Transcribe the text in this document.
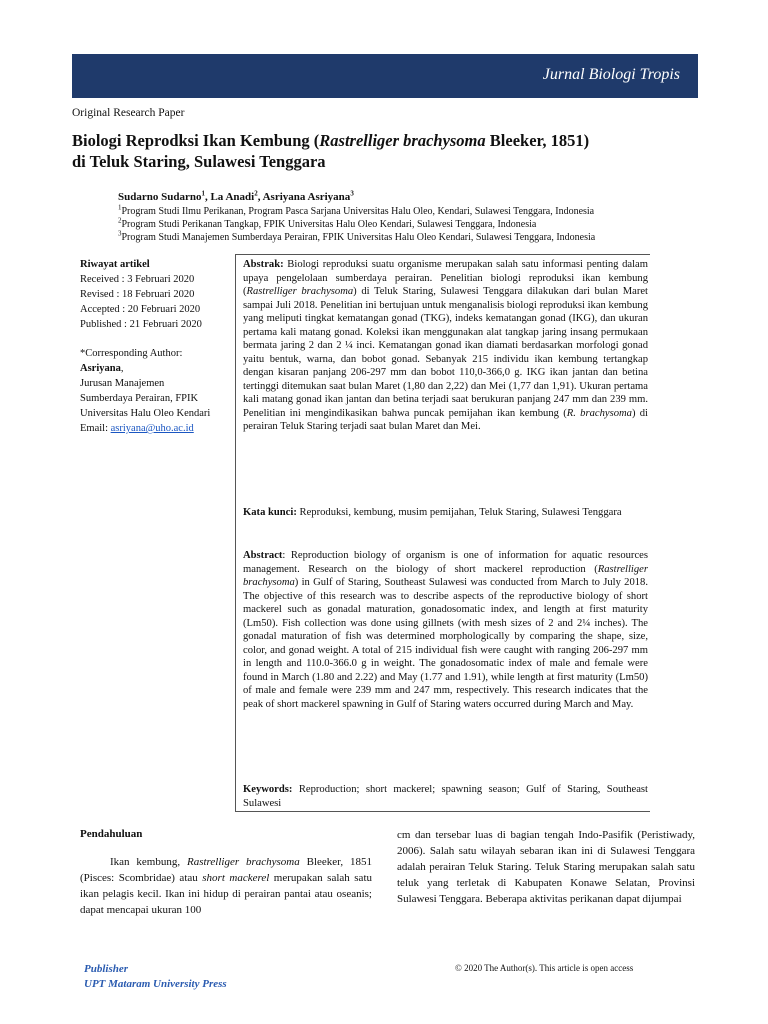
Jurnal Biologi Tropis
Original Research Paper
Biologi Reprodksi Ikan Kembung (Rastrelliger brachysoma Bleeker, 1851)
di Teluk Staring, Sulawesi Tenggara
Sudarno Sudarno$^1$, La Anadi$^2$, Asriyana Asriyana$^3$
$^1$Program Studi Ilmu Perikanan, Program Pasca Sarjana Universitas Halu Oleo, Kendari, Sulawesi Tenggara, Indonesia
$^2$Program Studi Perikanan Tangkap, FPIK Universitas Halu Oleo Kendari, Sulawesi Tenggara, Indonesia
$^3$Program Studi Manajemen Sumberdaya Perairan, FPIK Universitas Halu Oleo Kendari, Sulawesi Tenggara, Indonesia
Riwayat artikel
Received : 3 Februari 2020
Revised : 18 Februari 2020
Accepted : 20 Februari 2020
Published : 21 Februari 2020
*Corresponding Author:
Asriyana,
Jurusan Manajemen
Sumberdaya Perairan, FPIK
Universitas Halu Oleo Kendari
Email: asriyana@uho.ac.id
Abstrak: Biologi reproduksi suatu organisme merupakan salah satu informasi penting dalam upaya pengelolaan sumberdaya perairan. Penelitian biologi reproduksi ikan kembung (Rastrelliger brachysoma) di Teluk Staring, Sulawesi Tenggara dilakukan dari bulan Maret sampai Juli 2018. Penelitian ini bertujuan untuk menganalisis biologi reproduksi ikan kembung yang meliputi tingkat kematangan gonad (TKG), indeks kematangan gonad (IKG), dan ukuran pertama kali matang gonad. Koleksi ikan menggunakan alat tangkap jaring insang permukaan bermata jaring 2 dan 2 ¼ inci. Kematangan gonad ikan diamati berdasarkan morfologi gonad yaitu bentuk, warna, dan bobot gonad. Sebanyak 215 individu ikan kembung tertangkap dengan kisaran panjang 206-297 mm dan bobot 110,0-366,0 g. IKG ikan jantan dan betina tertinggi ditemukan saat bulan Maret (1,80 dan 2,22) dan Mei (1,77 dan 1,91). Ukuran pertama kali matang gonad ikan jantan dan betina terjadi saat berukuran panjang 247 mm dan 239 mm. Penelitian ini mengindikasikan bahwa puncak pemijahan ikan kembung (R. brachysoma) di perairan Teluk Staring terjadi saat bulan Maret dan Mei.
Kata kunci: Reproduksi, kembung, musim pemijahan, Teluk Staring, Sulawesi Tenggara
Abstract: Reproduction biology of organism is one of information for aquatic resources management. Research on the biology of short mackerel reproduction (Rastrelliger brachysoma) in Gulf of Staring, Southeast Sulawesi was conducted from March to July 2018. The objective of this research was to describe aspects of the reproductive biology of short mackerel such as gonadal maturation, gonadosomatic index, and length at first maturity (Lm50). Fish collection was done using gillnets (with mesh sizes of 2 and 2¼ inches). The gonadal maturation of fish was determined morphologically by comparing the shape, size, color, and gonad weight. A total of 215 individual fish were caught with ranging 206-297 mm in length and 110.0-366.0 g in weight. The gonadosomatic index of male and female were found in March (1.80 and 2.22) and May (1.77 and 1.91), while length at first maturity (Lm50) of male and female were 239 mm and 247 mm, respectively. This research indicates that the peak of short mackerel spawning in Gulf of Staring waters occurred during March and May.
Keywords: Reproduction; short mackerel; spawning season; Gulf of Staring, Southeast Sulawesi
Pendahuluan
Ikan kembung, Rastrelliger brachysoma Bleeker, 1851 (Pisces: Scombridae) atau short mackerel merupakan salah satu ikan pelagis kecil. Ikan ini hidup di perairan pantai atau oseanis; dapat mencapai ukuran 100
cm dan tersebar luas di bagian tengah Indo-Pasifik (Peristiwady, 2006). Salah satu wilayah sebaran ikan ini di Sulawesi Tenggara adalah perairan Teluk Staring. Teluk Staring merupakan salah satu teluk yang terletak di Kabupaten Konawe Selatan, Provinsi Sulawesi Tenggara. Beberapa aktivitas perikanan dapat dijumpai
Publisher
UPT Mataram University Press
© 2020 The Author(s). This article is open access
